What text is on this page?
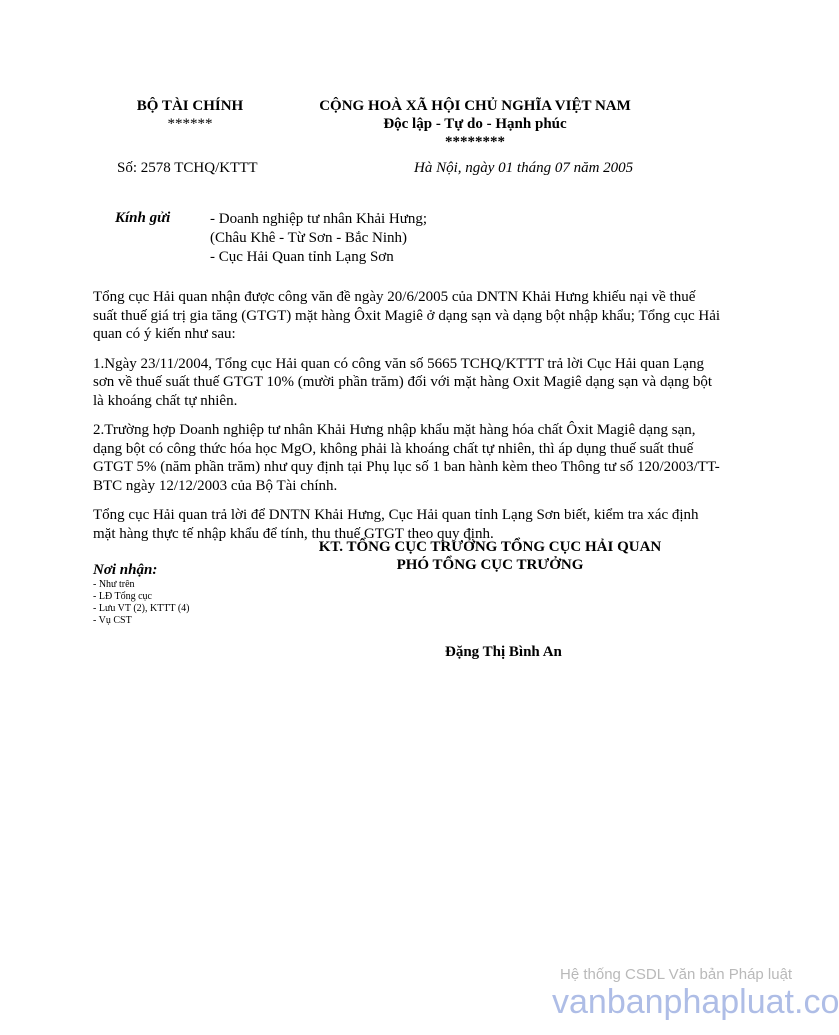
BỘ TÀI CHÍNH
******
CỘNG HOÀ XÃ HỘI CHỦ NGHĨA VIỆT NAM
Độc lập - Tự do - Hạnh phúc
********
Số: 2578 TCHQ/KTTT	Hà Nội, ngày 01 tháng 07 năm 2005
Kính gửi	- Doanh nghiệp tư nhân Khải Hưng;
(Châu Khê - Từ Sơn - Bắc Ninh)
- Cục Hải Quan tỉnh Lạng Sơn

Tổng cục Hải quan nhận được công văn đề ngày 20/6/2005 của DNTN Khải Hưng khiếu nại về thuế suất thuế giá trị gia tăng (GTGT) mặt hàng Ôxit Magiê ở dạng sạn và dạng bột nhập khẩu; Tổng cục Hải quan có ý kiến như sau:

1.Ngày 23/11/2004, Tổng cục Hải quan có công văn số 5665 TCHQ/KTTT trả lời Cục Hải quan Lạng sơn về thuế suất thuế GTGT 10% (mười phần trăm) đối với mặt hàng Oxit Magiê dạng sạn và dạng bột là khoáng chất tự nhiên.

2.Trường hợp Doanh nghiệp tư nhân Khải Hưng nhập khẩu mặt hàng hóa chất Ôxit Magiê dạng sạn, dạng bột có công thức hóa học MgO, không phải là khoáng chất tự nhiên, thì áp dụng thuế suất thuế GTGT 5% (năm phần trăm) như quy định tại Phụ lục số 1 ban hành kèm theo Thông tư số 120/2003/TT-BTC ngày 12/12/2003 của Bộ Tài chính.

Tổng cục Hải quan trả lời để DNTN Khải Hưng, Cục Hải quan tỉnh Lạng Sơn biết, kiểm tra xác định mặt hàng thực tế nhập khẩu để tính, thu thuế GTGT theo quy định.

KT. TỔNG CỤC TRƯỞNG TỔNG CỤC HẢI QUAN
PHÓ TỔNG CỤC TRƯỞNG
Đặng Thị Bình An
Nơi nhận:
- Như trên
- LĐ Tổng cục
- Lưu VT (2), KTTT (4)
- Vụ CST
Hệ thống CSDL Văn bản Pháp luật
vanbanphapluat.co
